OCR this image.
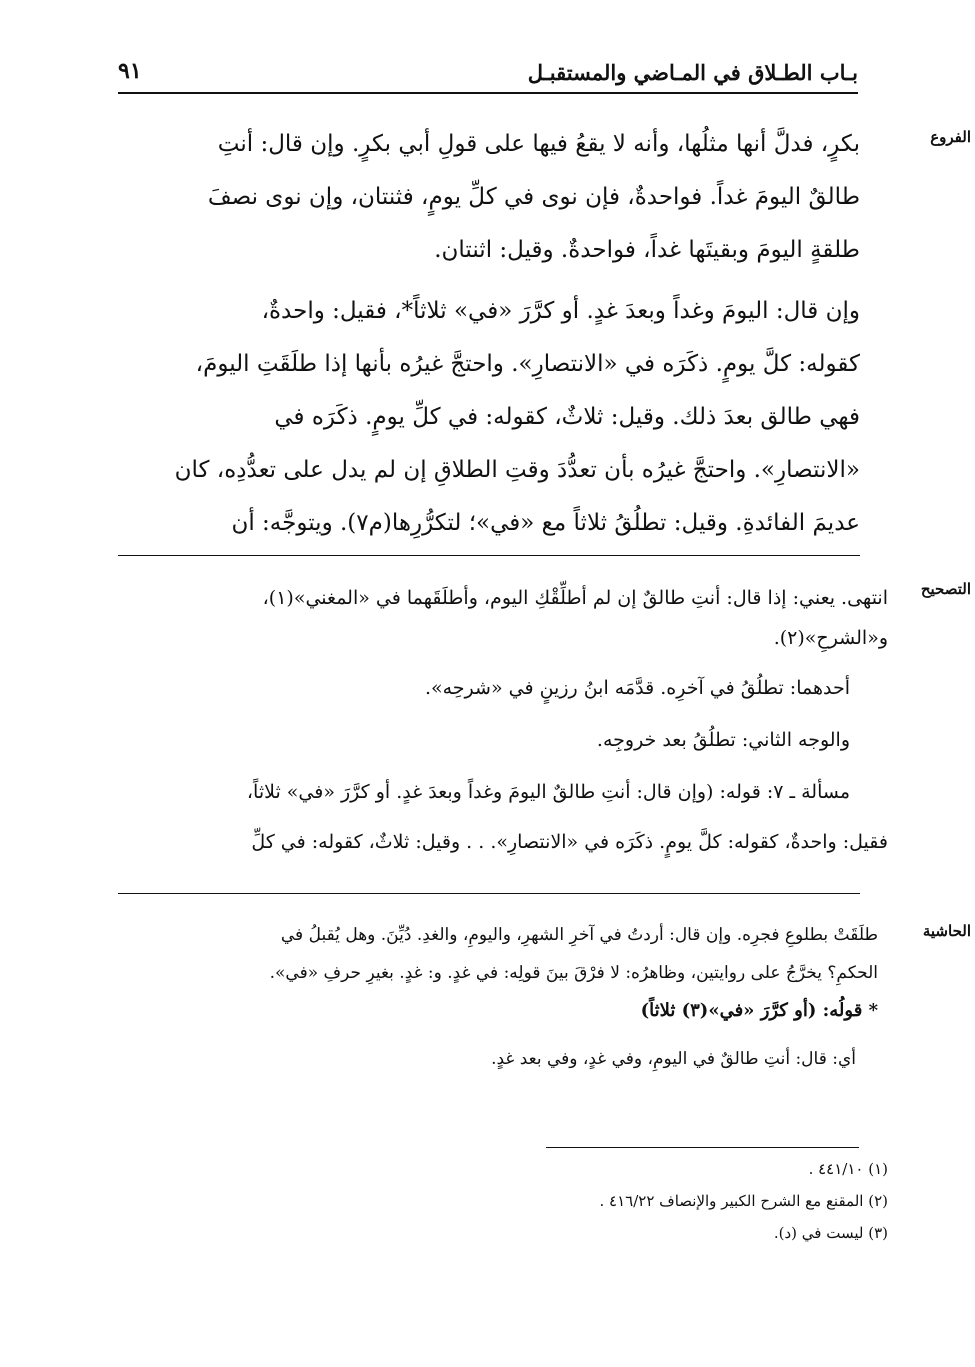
بـاب الطـلاق في المـاضي والمستقبـل
٩١
الفروع
بكرٍ، فدلَّ أنها مثلُها، وأنه لا يقعُ فيها على قولِ أبي بكرٍ. وإن قال: أنتِ
طالقٌ اليومَ غداً. فواحدةٌ، فإن نوى في كلِّ يومٍ، فثنتان، وإن نوى نصفَ
طلقةٍ اليومَ وبقيتَها غداً، فواحدةٌ. وقيل: اثنتان.
وإن قال: اليومَ وغداً وبعدَ غدٍ. أو كرَّرَ «في» ثلاثاً*، فقيل: واحدةٌ،
كقوله: كلَّ يومٍ. ذكَرَه في «الانتصارِ». واحتجَّ غيرُه بأنها إذا طلَقَتِ اليومَ،
فهي طالق بعدَ ذلك. وقيل: ثلاثٌ، كقوله: في كلِّ يومٍ. ذكَرَه في
«الانتصارِ». واحتجَّ غيرُه بأن تعدُّدَ وقتِ الطلاقِ إن لم يدل على تعدُّدِه، كان
عديمَ الفائدةِ. وقيل: تطلُقُ ثلاثاً مع «في»؛ لتكرُّرِها(م٧). ويتوجَّه: أن
التصحيح
انتهى. يعني: إذا قال: أنتِ طالقٌ إن لم أطلِّقْكِ اليوم، وأطلَقَهما في «المغني»(١)،
و«الشرحِ»(٢).
أحدهما: تطلُقُ في آخرِه. قدَّمَه ابنُ رزينٍ في «شرحِه».
والوجه الثاني: تطلُقُ بعد خروجِه.
مسألة ـ ٧: قوله: (وإن قال: أنتِ طالقٌ اليومَ وغداً وبعدَ غدٍ. أو كرَّرَ «في» ثلاثاً،
فقيل: واحدةٌ، كقوله: كلَّ يومٍ. ذكَرَه في «الانتصارِ». . . وقيل: ثلاثٌ، كقوله: في كلِّ
الحاشية
طلَقَتْ بطلوعِ فجرِه. وإن قال: أردتُ في آخرِ الشهرِ، واليومِ، والغدِ. دُيِّنَ. وهل يُقبلُ في
الحكمِ؟ يخرَّجُ على روايتين، وظاهرُه: لا فرْقَ بينَ قولِه: في غدٍ. و: غدٍ. بغيرِ حرفِ «في».
* قولُه: (أو كرَّرَ «في»(٣) ثلاثاً)
أي: قال: أنتِ طالقٌ في اليومِ، وفي غدٍ، وفي بعد غدٍ.
(١) ٤٤١/١٠ .
(٢) المقنع مع الشرح الكبير والإنصاف ٤١٦/٢٢ .
(٣) ليست في (د).
